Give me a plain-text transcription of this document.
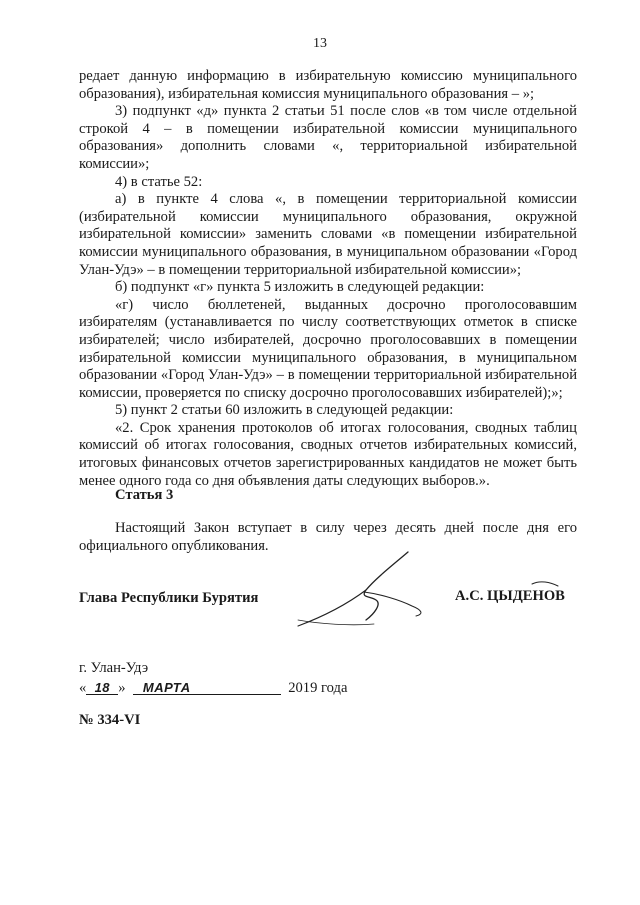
13

редает данную информацию в избирательную комиссию муниципального образования), избирательная комиссия муниципального образования – »;

3) подпункт «д» пункта 2 статьи 51 после слов «в том числе отдельной строкой 4 – в помещении избирательной комиссии муниципального образования» дополнить словами «, территориальной избирательной комиссии»;

4) в статье 52:

а) в пункте 4 слова «, в помещении территориальной комиссии (избирательной комиссии муниципального образования, окружной избирательной комиссии» заменить словами «в помещении избирательной комиссии муниципального образования, в муниципальном образовании «Город Улан-Удэ» – в помещении территориальной избирательной комиссии»;

б) подпункт «г» пункта 5 изложить в следующей редакции:

«г) число бюллетеней, выданных досрочно проголосовавшим избирателям (устанавливается по числу соответствующих отметок в списке избирателей; число избирателей, досрочно проголосовавших в помещении избирательной комиссии муниципального образования, в муниципальном образовании «Город Улан-Удэ» – в помещении территориальной избирательной комиссии, проверяется по списку досрочно проголосовавших избирателей);»;

5) пункт 2 статьи 60 изложить в следующей редакции:

«2. Срок хранения протоколов об итогах голосования, сводных таблиц комиссий об итогах голосования, сводных отчетов избирательных комиссий, итоговых финансовых отчетов зарегистрированных кандидатов не может быть менее одного года со дня объявления даты следующих выборов.».

Статья 3

Настоящий Закон вступает в силу через десять дней после дня его официального опубликования.

Глава Республики Бурятия	А.С. ЦЫДЕНОВ
г. Улан-Удэ
« 18 » МАРТА	2019 года
№ 334-VI
